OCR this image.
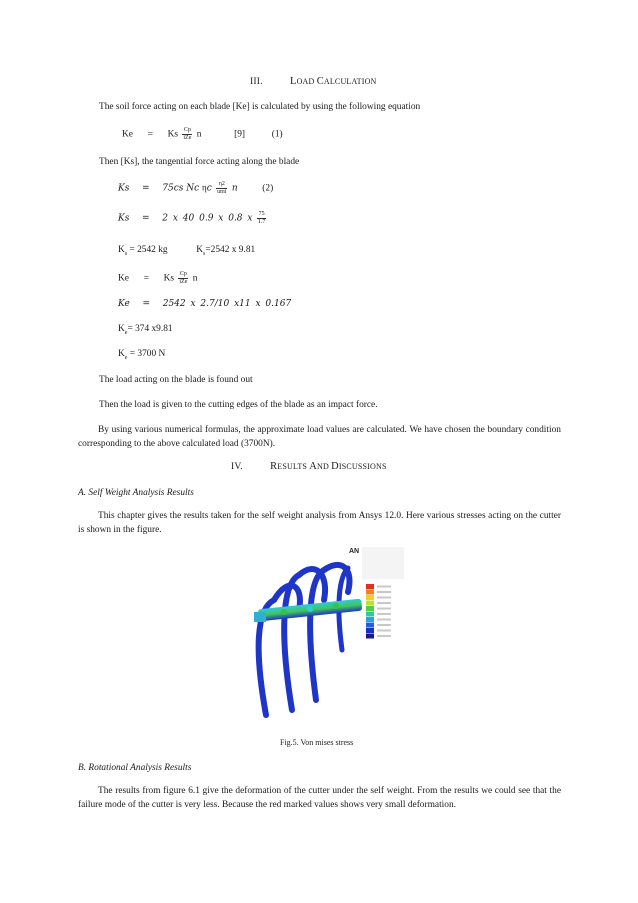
III.	LOAD CALCULATION
The soil force acting on each blade [Ke] is calculated by using the following equation
Ke = Ks $\frac{Cp}{\text{iZe}}$ n	[9]	(1)
Then [Ks], the tangential force acting along the blade
Ks = 75cs Nc ηc $\frac{\eta 2}{\text{umi}}$ n	(2)
Ks = 2 x 40 0.9 x 0.8 x $\frac{75}{1.7}$
$K_s = 2542$ kg	$K_s=2542$ x 9.81
Ke = Ks $\frac{Cp}{\text{iZe}}$ n
Ke = 2542 x 2.7/10 x11 x 0.167
$K_e= 374$ x9.81
$K_e = 3700$ N
The load acting on the blade is found out
Then the load is given to the cutting edges of the blade as an impact force.
By using various numerical formulas, the approximate load values are calculated. We have chosen the boundary condition corresponding to the above calculated load (3700N).
IV.	RESULTS AND DISCUSSIONS
A. Self Weight Analysis Results
This chapter gives the results taken for the self weight analysis from Ansys 12.0. Here various stresses acting on the cutter is shown in the figure.
AN
Fig.5. Von mises stress
B. Rotational Analysis Results
The results from figure 6.1 give the deformation of the cutter under the self weight. From the results we could see that the failure mode of the cutter is very less. Because the red marked values shows very small deformation.
